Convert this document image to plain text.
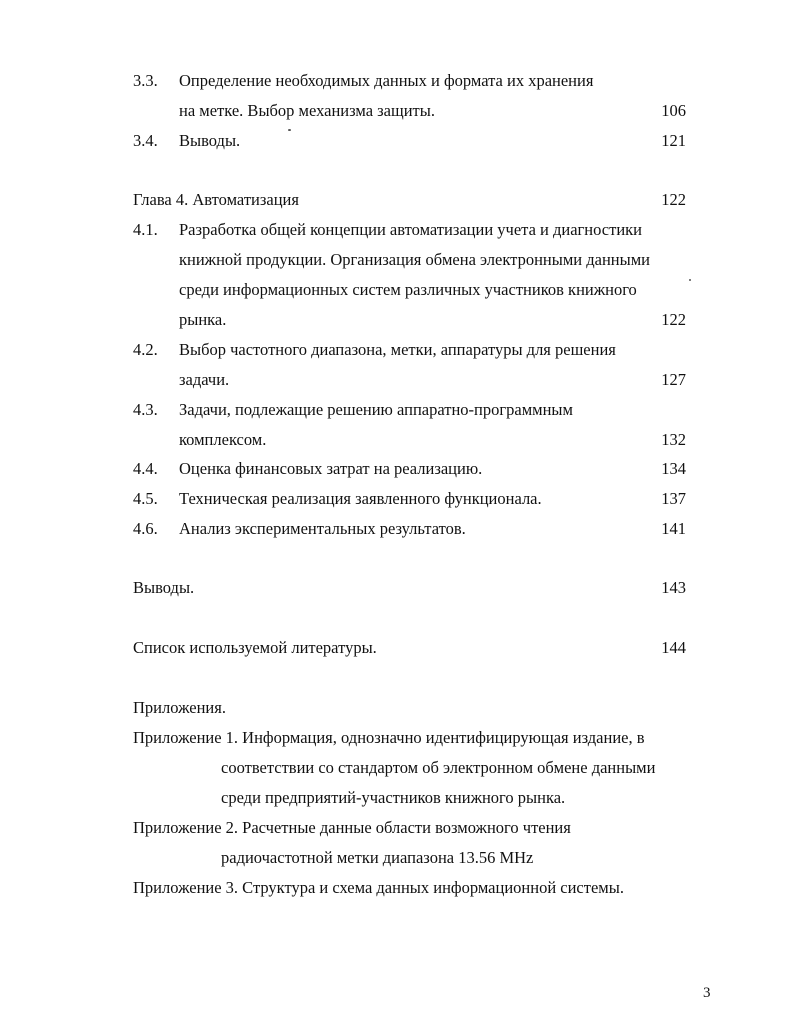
3.3. Определение необходимых данных и формата их хранения
на метке. Выбор механизма защиты.	106
3.4. Выводы.	121
Глава 4. Автоматизация	122
4.1. Разработка общей концепции автоматизации учета и диагностики
книжной продукции. Организация обмена электронными данными
среди информационных систем различных участников книжного
рынка.	122
4.2. Выбор частотного диапазона, метки, аппаратуры для решения
задачи.	127
4.3. Задачи, подлежащие решению аппаратно-программным
комплексом.	132
4.4. Оценка финансовых затрат на реализацию.	134
4.5. Техническая реализация заявленного функционала.	137
4.6. Анализ экспериментальных результатов.	141
Выводы.	143
Список используемой литературы.	144
Приложения.
Приложение 1. Информация, однозначно идентифицирующая издание, в
соответствии со стандартом об электронном обмене данными
среди предприятий-участников книжного рынка.
Приложение 2. Расчетные данные области возможного чтения
радиочастотной метки диапазона 13.56 MHz
Приложение 3. Структура и схема данных информационной системы.
3
